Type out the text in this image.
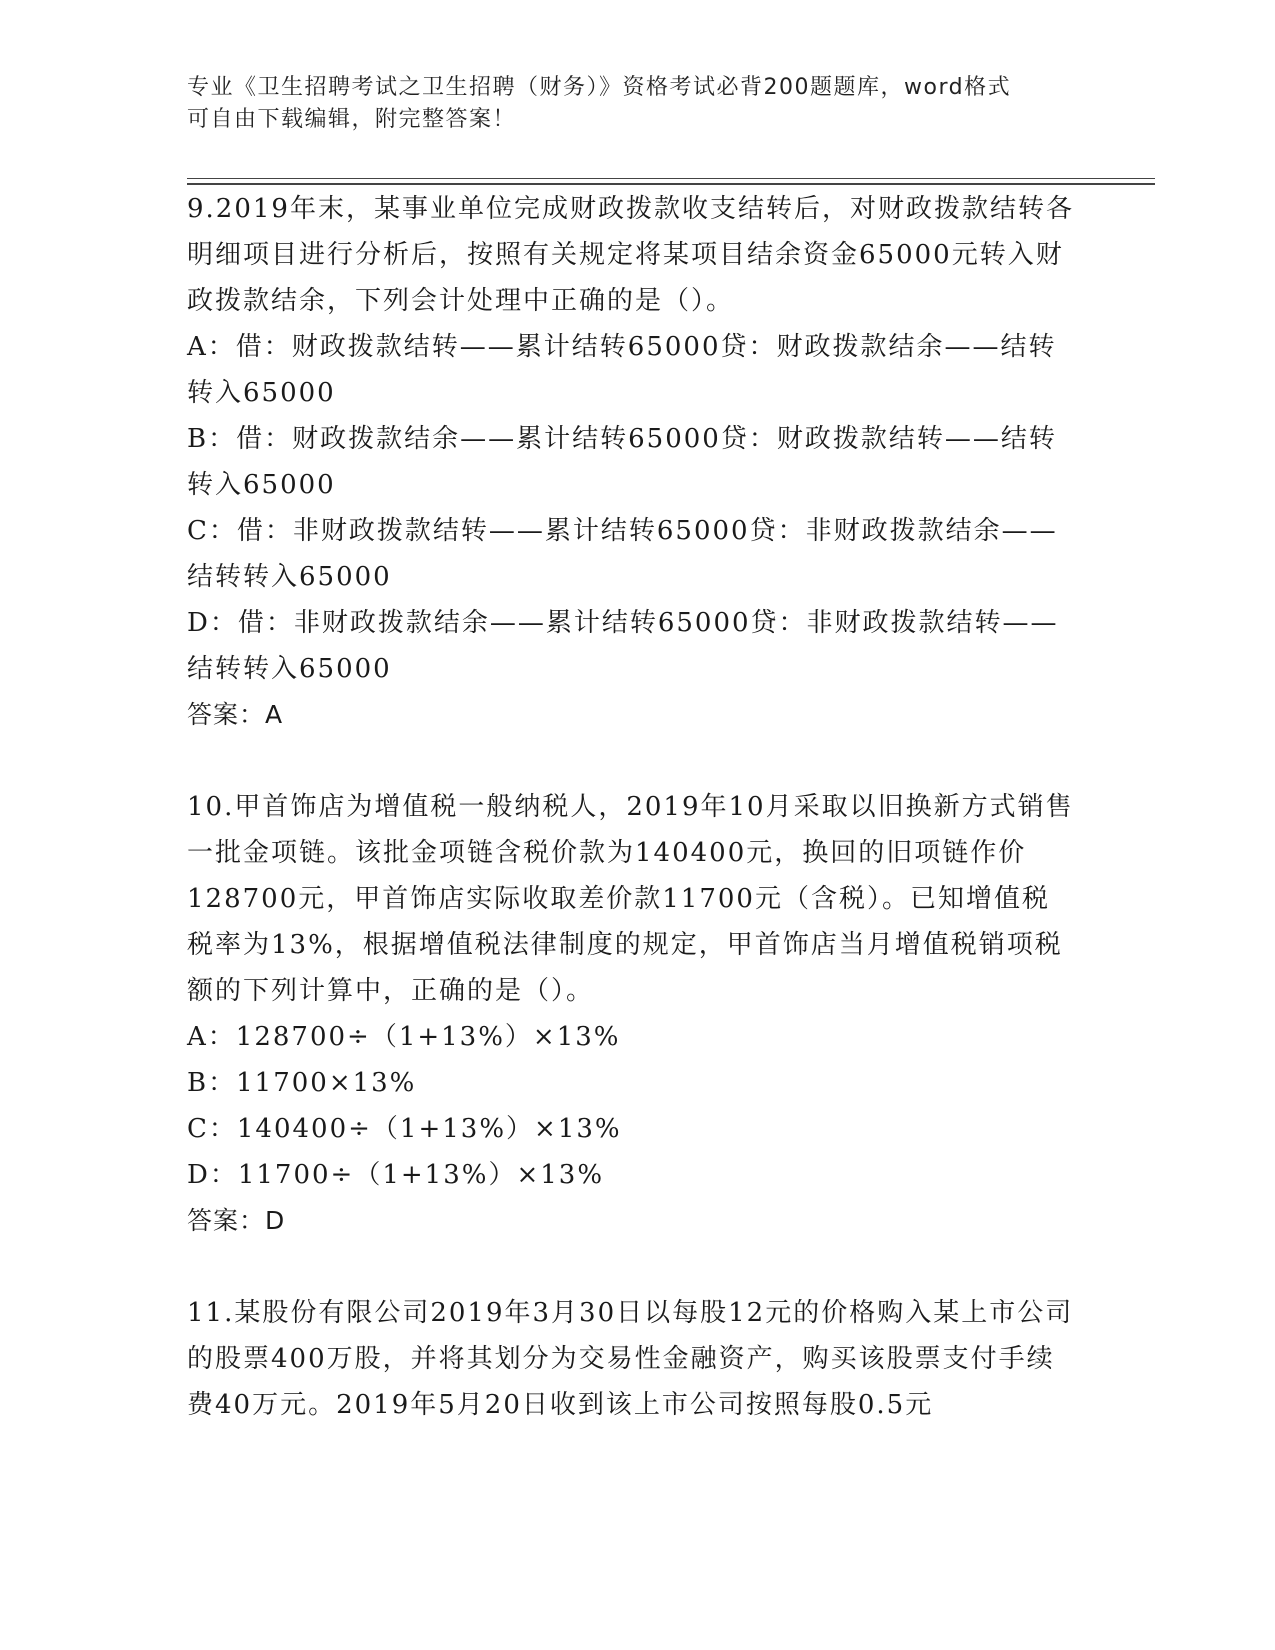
专业《卫生招聘考试之卫生招聘（财务）》资格考试必背200题题库，word格式
可自由下载编辑，附完整答案！

9.2019年末，某事业单位完成财政拨款收支结转后，对财政拨款结转各明细项目进行分析后，按照有关规定将某项目结余资金65000元转入财政拨款结余，下列会计处理中正确的是（）。

A：借：财政拨款结转——累计结转65000贷：财政拨款结余——结转转入65000

B：借：财政拨款结余——累计结转65000贷：财政拨款结转——结转转入65000

C：借：非财政拨款结转——累计结转65000贷：非财政拨款结余——结转转入65000

D：借：非财政拨款结余——累计结转65000贷：非财政拨款结转——结转转入65000

答案：A

10.甲首饰店为增值税一般纳税人，2019年10月采取以旧换新方式销售一批金项链。该批金项链含税价款为140400元，换回的旧项链作价128700元，甲首饰店实际收取差价款11700元（含税）。已知增值税税率为13%，根据增值税法律制度的规定，甲首饰店当月增值税销项税额的下列计算中，正确的是（）。

A：128700÷（1+13%）×13%

B：11700×13%

C：140400÷（1+13%）×13%

D：11700÷（1+13%）×13%

答案：D

11.某股份有限公司2019年3月30日以每股12元的价格购入某上市公司的股票400万股，并将其划分为交易性金融资产，购买该股票支付手续费40万元。2019年5月20日收到该上市公司按照每股0.5元
